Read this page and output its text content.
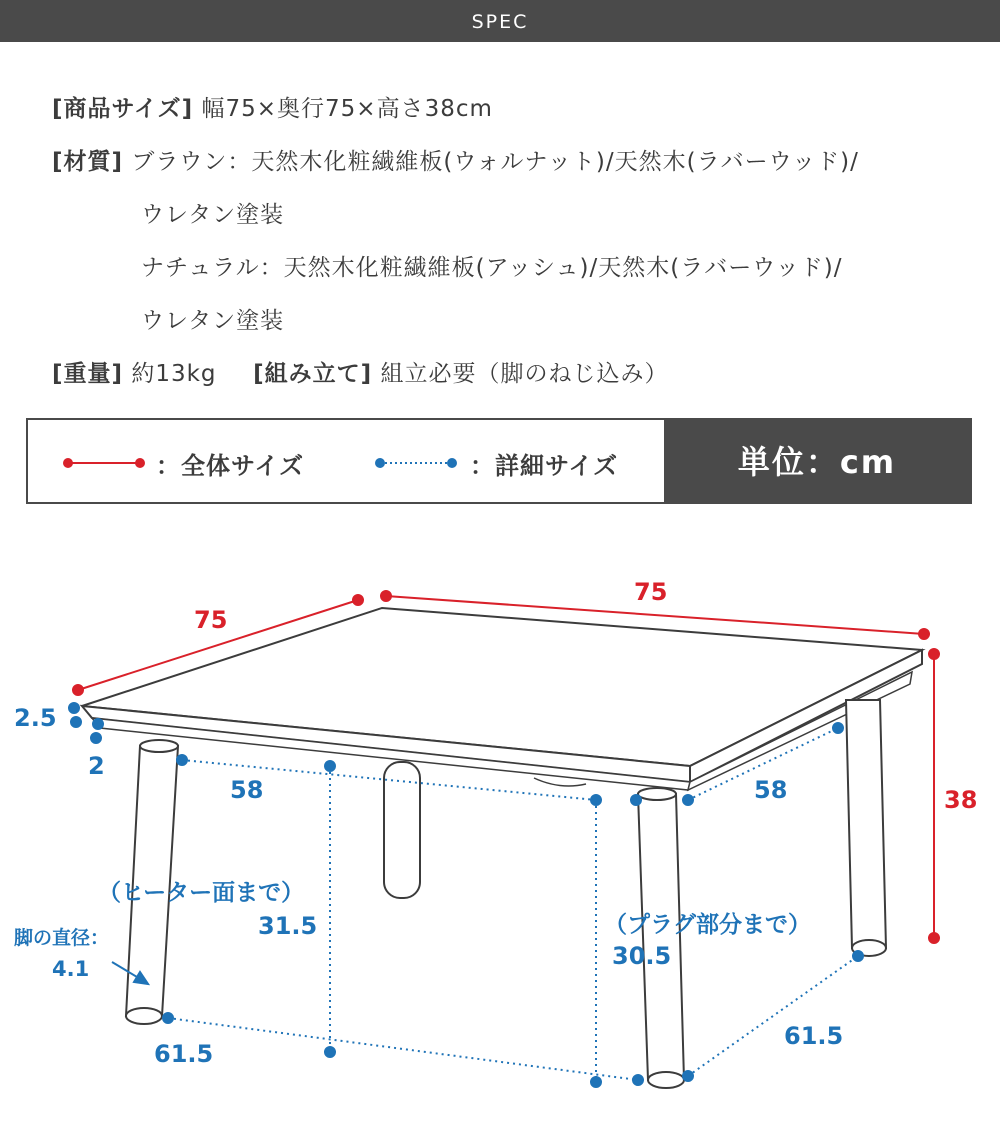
SPEC
[商品サイズ] 幅75×奥行75×高さ38cm
[材質] ブラウン：天然木化粧繊維板(ウォルナット)/天然木(ラバーウッド)/
ウレタン塗装
ナチュラル：天然木化粧繊維板(アッシュ)/天然木(ラバーウッド)/
ウレタン塗装
[重量] 約13kg [組み立て] 組立必要（脚のねじ込み）
：全体サイズ	：詳細サイズ	単位：cm
75
75
38
2.5
2
58	58
（ヒーター面まで）
31.5	（プラグ部分まで）
30.5
脚の直径：
4.1
61.5
61.5
